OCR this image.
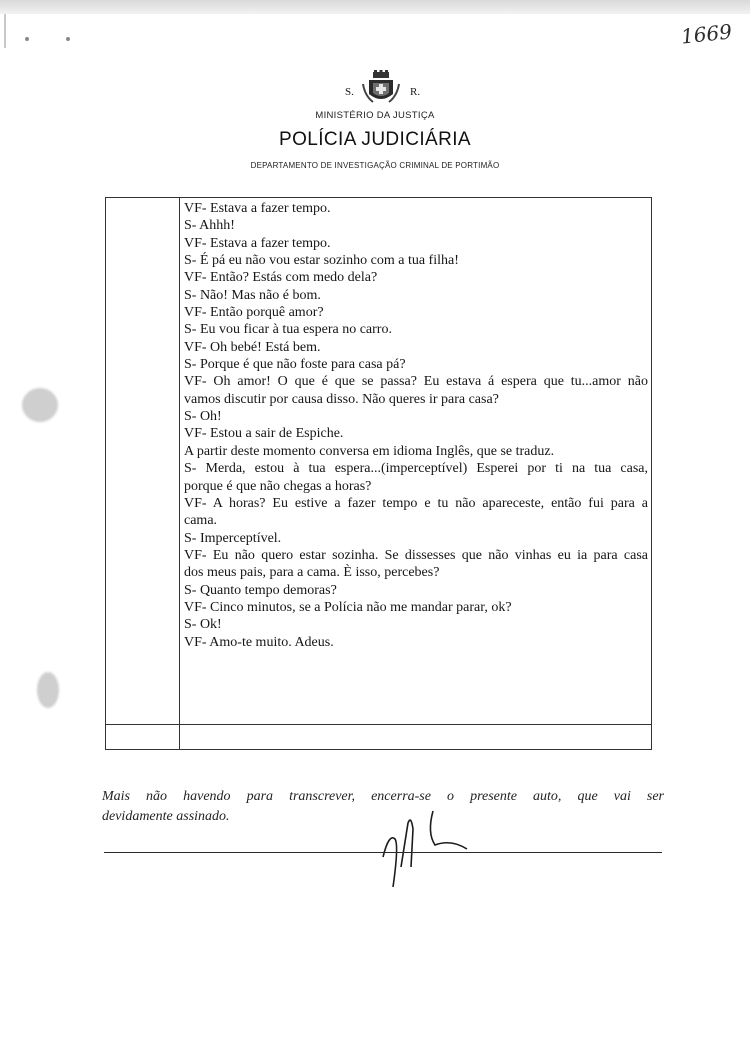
1669
S.	R.
MINISTÉRIO DA JUSTIÇA
POLÍCIA JUDICIÁRIA
DEPARTAMENTO DE INVESTIGAÇÃO CRIMINAL DE PORTIMÃO
VF- Estava a fazer tempo.
S- Ahhh!
VF- Estava a fazer tempo.
S- É pá eu não vou estar sozinho com a tua filha!
VF- Então? Estás com medo dela?
S- Não! Mas não é bom.
VF- Então porquê amor?
S- Eu vou ficar à tua espera no carro.
VF- Oh bebé! Está bem.
S- Porque é que não foste para casa pá?
VF- Oh amor! O que é que se passa? Eu estava á espera que tu...amor não
vamos discutir por causa disso. Não queres ir para casa?
S- Oh!
VF- Estou a sair de Espiche.
A partir deste momento conversa em idioma Inglês, que se traduz.
S- Merda, estou à tua espera...(imperceptível) Esperei por ti na tua casa,
porque é que não chegas a horas?
VF- A horas? Eu estive a fazer tempo e tu não apareceste, então fui para a
cama.
S- Imperceptível.
VF- Eu não quero estar sozinha. Se dissesses que não vinhas eu ia para casa
dos meus pais, para a cama. È isso, percebes?
S- Quanto tempo demoras?
VF- Cinco minutos, se a Polícia não me mandar parar, ok?
S- Ok!
VF- Amo-te muito. Adeus.
Mais não havendo para transcrever, encerra-se o presente auto, que vai ser
devidamente assinado.
